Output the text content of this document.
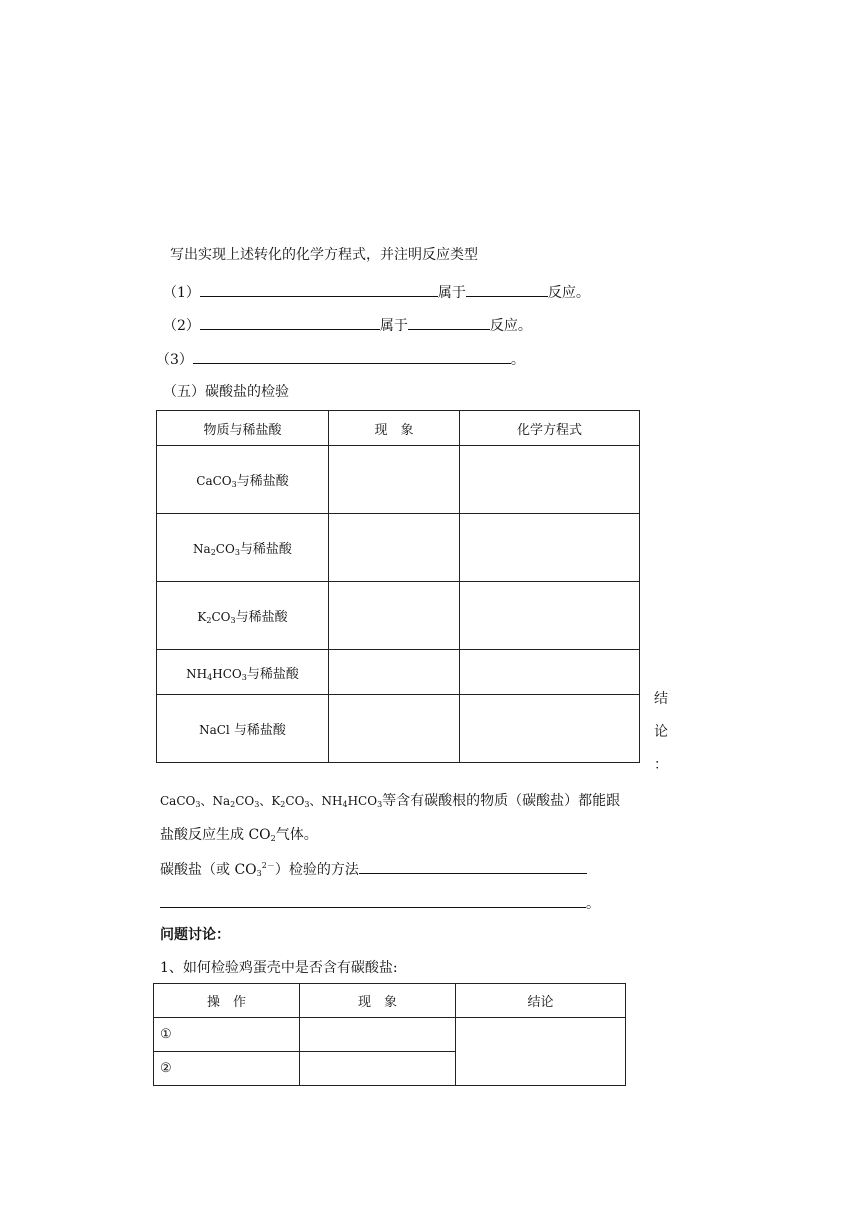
写出实现上述转化的化学方程式，并注明反应类型
（1）	属于	反应。
（2）	属于	反应。
（3）	。
（五）碳酸盐的检验
物质与稀盐酸	现　象	化学方程式
CaCO$_3$与稀盐酸		
$Na_2CO_3$与稀盐酸		
$K_2CO_3$与稀盐酸		
$NH_4HCO_3$与稀盐酸		
NaCl 与稀盐酸		
结
论
：
CaCO$_3$、$Na_2CO_3$、$K_2CO_3$、$NH_4HCO_3$等含有碳酸根的物质（碳酸盐）都能跟
盐酸反应生成 $CO_2$气体。
碳酸盐（或 $CO_3^{2-}$）检验的方法
。
问题讨论：
1、如何检验鸡蛋壳中是否含有碳酸盐:
操　作	现　象	结论
①		
②		
